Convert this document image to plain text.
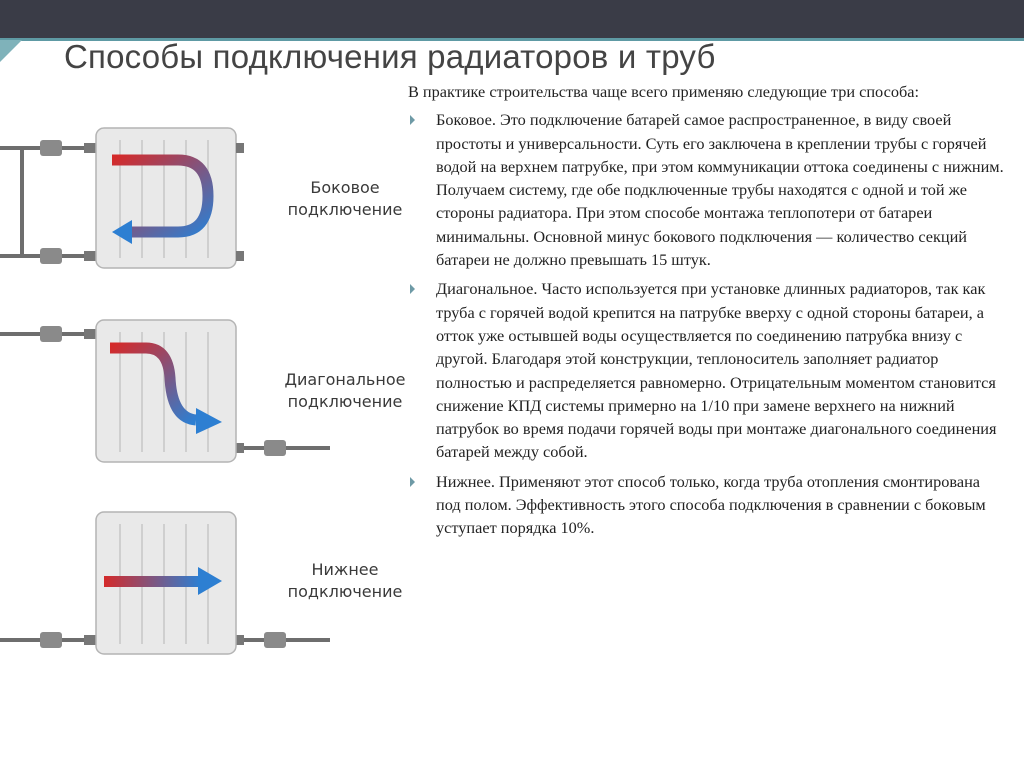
Способы подключения радиаторов и труб
Боковое
подключение
Диагональное
подключение
Нижнее
подключение

В практике строительства чаще всего применяю следующие три способа:

Боковое. Это подключение батарей самое распространенное, в виду своей простоты и универсальности. Суть его заключена в креплении трубы с горячей водой на верхнем патрубке, при этом коммуникации оттока соединены с нижним. Получаем систему, где обе подключенные трубы находятся с одной и той же стороны радиатора. При этом способе монтажа теплопотери от батареи минимальны. Основной минус бокового подключения — количество секций батареи не должно превышать 15 штук.
Диагональное. Часто используется при установке длинных радиаторов, так как труба с горячей водой крепится на патрубке вверху с одной стороны батареи, а отток уже остывшей воды осуществляется по соединению патрубка внизу с другой. Благодаря этой конструкции, теплоноситель заполняет радиатор полностью и распределяется равномерно. Отрицательным моментом становится снижение КПД системы примерно на 1/10 при замене верхнего на нижний патрубок во время подачи горячей воды при монтаже диагонального соединения батарей между собой.
Нижнее. Применяют этот способ только, когда труба отопления смонтирована под полом. Эффективность этого способа подключения в сравнении с боковым уступает порядка 10%.
